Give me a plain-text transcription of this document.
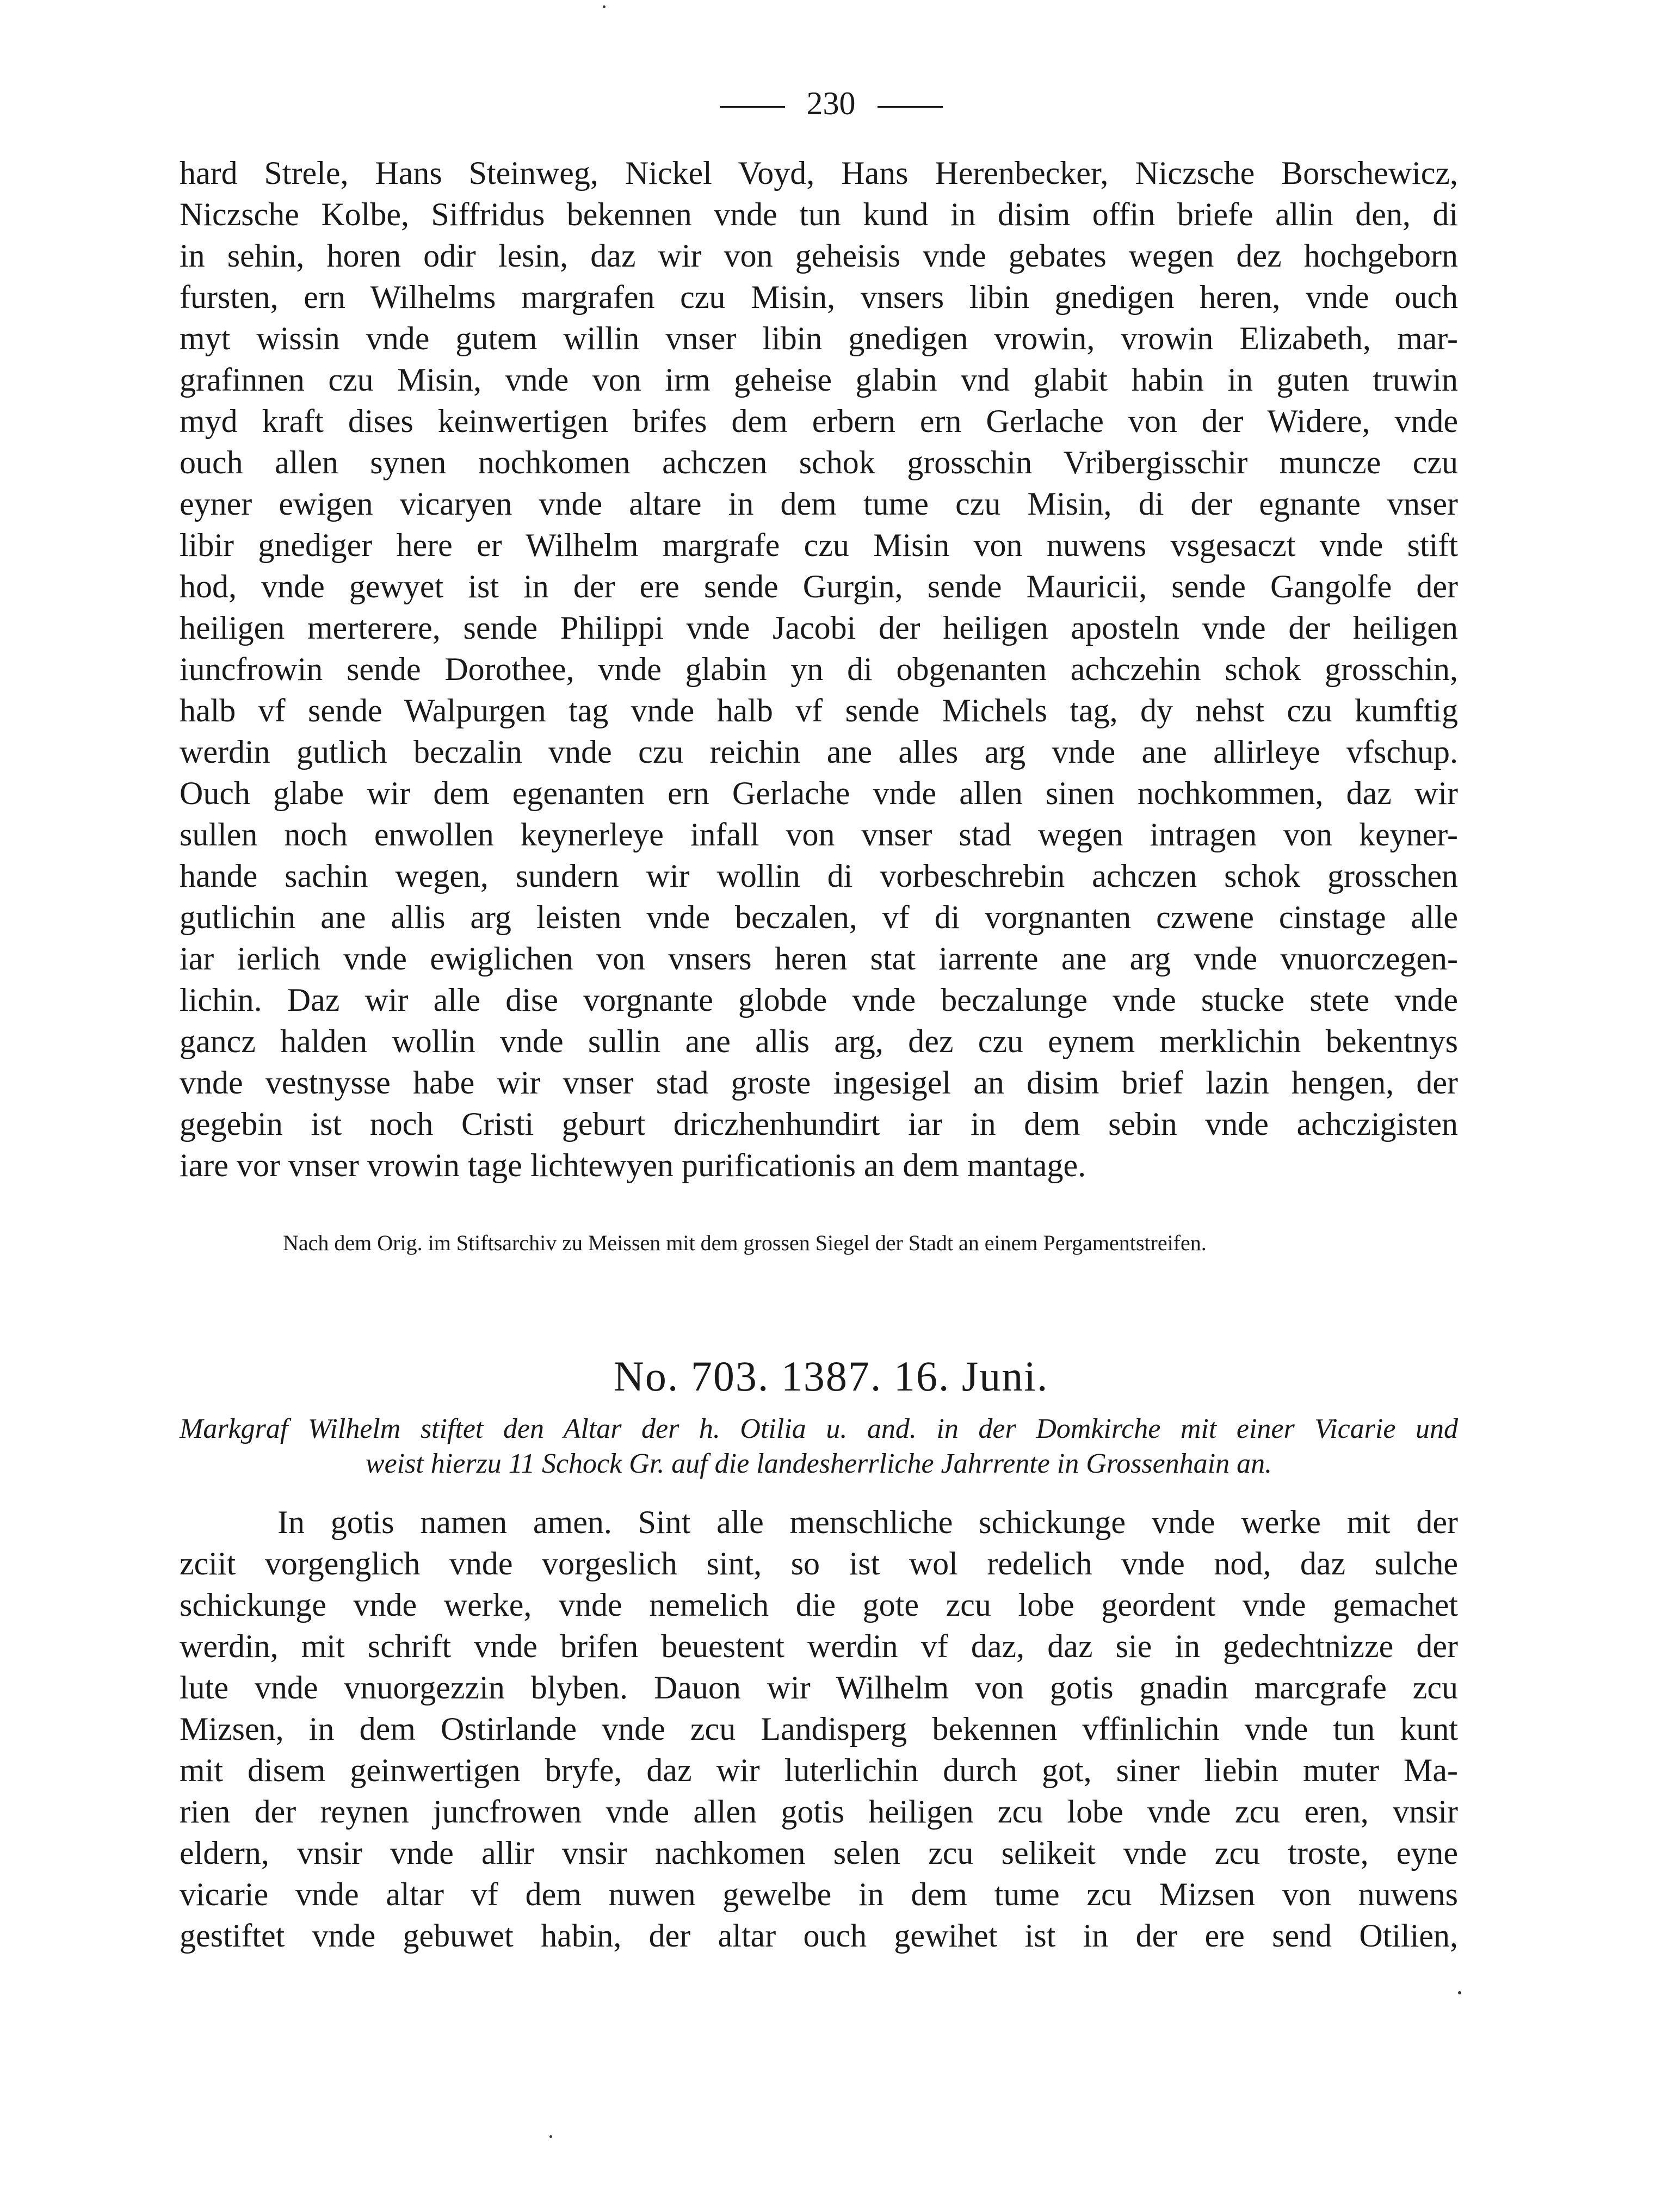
230
hard Strele, Hans Steinweg, Nickel Voyd, Hans Herenbecker, Niczsche Borschewicz,
Niczsche Kolbe, Siffridus bekennen vnde tun kund in disim offin briefe allin den, di
in sehin, horen odir lesin, daz wir von geheisis vnde gebates wegen dez hochgeborn
fursten, ern Wilhelms margrafen czu Misin, vnsers libin gnedigen heren, vnde ouch
myt wissin vnde gutem willin vnser libin gnedigen vrowin, vrowin Elizabeth, mar-
grafinnen czu Misin, vnde von irm geheise glabin vnd glabit habin in guten truwin
myd kraft dises keinwertigen brifes dem erbern ern Gerlache von der Widere, vnde
ouch allen synen nochkomen achczen schok grosschin Vribergisschir muncze czu
eyner ewigen vicaryen vnde altare in dem tume czu Misin, di der egnante vnser
libir gnediger here er Wilhelm margrafe czu Misin von nuwens vsgesaczt vnde stift
hod, vnde gewyet ist in der ere sende Gurgin, sende Mauricii, sende Gangolfe der
heiligen merterere, sende Philippi vnde Jacobi der heiligen aposteln vnde der heiligen
iuncfrowin sende Dorothee, vnde glabin yn di obgenanten achczehin schok grosschin,
halb vf sende Walpurgen tag vnde halb vf sende Michels tag, dy nehst czu kumftig
werdin gutlich beczalin vnde czu reichin ane alles arg vnde ane allirleye vfschup.
Ouch glabe wir dem egenanten ern Gerlache vnde allen sinen nochkommen, daz wir
sullen noch enwollen keynerleye infall von vnser stad wegen intragen von keyner-
hande sachin wegen, sundern wir wollin di vorbeschrebin achczen schok grosschen
gutlichin ane allis arg leisten vnde beczalen, vf di vorgnanten czwene cinstage alle
iar ierlich vnde ewiglichen von vnsers heren stat iarrente ane arg vnde vnuorczegen-
lichin. Daz wir alle dise vorgnante globde vnde beczalunge vnde stucke stete vnde
gancz halden wollin vnde sullin ane allis arg, dez czu eynem merklichin bekentnys
vnde vestnysse habe wir vnser stad groste ingesigel an disim brief lazin hengen, der
gegebin ist noch Cristi geburt driczhenhundirt iar in dem sebin vnde achczigisten
iare vor vnser vrowin tage lichtewyen purificationis an dem mantage.
Nach dem Orig. im Stiftsarchiv zu Meissen mit dem grossen Siegel der Stadt an einem Pergamentstreifen.
No. 703. 1387. 16. Juni.
Markgraf Wilhelm stiftet den Altar der h. Otilia u. and. in der Domkirche mit einer Vicarie und
weist hierzu 11 Schock Gr. auf die landesherrliche Jahrrente in Grossenhain an.
In gotis namen amen. Sint alle menschliche schickunge vnde werke mit der
zciit vorgenglich vnde vorgeslich sint, so ist wol redelich vnde nod, daz sulche
schickunge vnde werke, vnde nemelich die gote zcu lobe geordent vnde gemachet
werdin, mit schrift vnde brifen beuestent werdin vf daz, daz sie in gedechtnizze der
lute vnde vnuorgezzin blyben. Dauon wir Wilhelm von gotis gnadin marcgrafe zcu
Mizsen, in dem Ostirlande vnde zcu Landisperg bekennen vffinlichin vnde tun kunt
mit disem geinwertigen bryfe, daz wir luterlichin durch got, siner liebin muter Ma-
rien der reynen juncfrowen vnde allen gotis heiligen zcu lobe vnde zcu eren, vnsir
eldern, vnsir vnde allir vnsir nachkomen selen zcu selikeit vnde zcu troste, eyne
vicarie vnde altar vf dem nuwen gewelbe in dem tume zcu Mizsen von nuwens
gestiftet vnde gebuwet habin, der altar ouch gewihet ist in der ere send Otilien,
